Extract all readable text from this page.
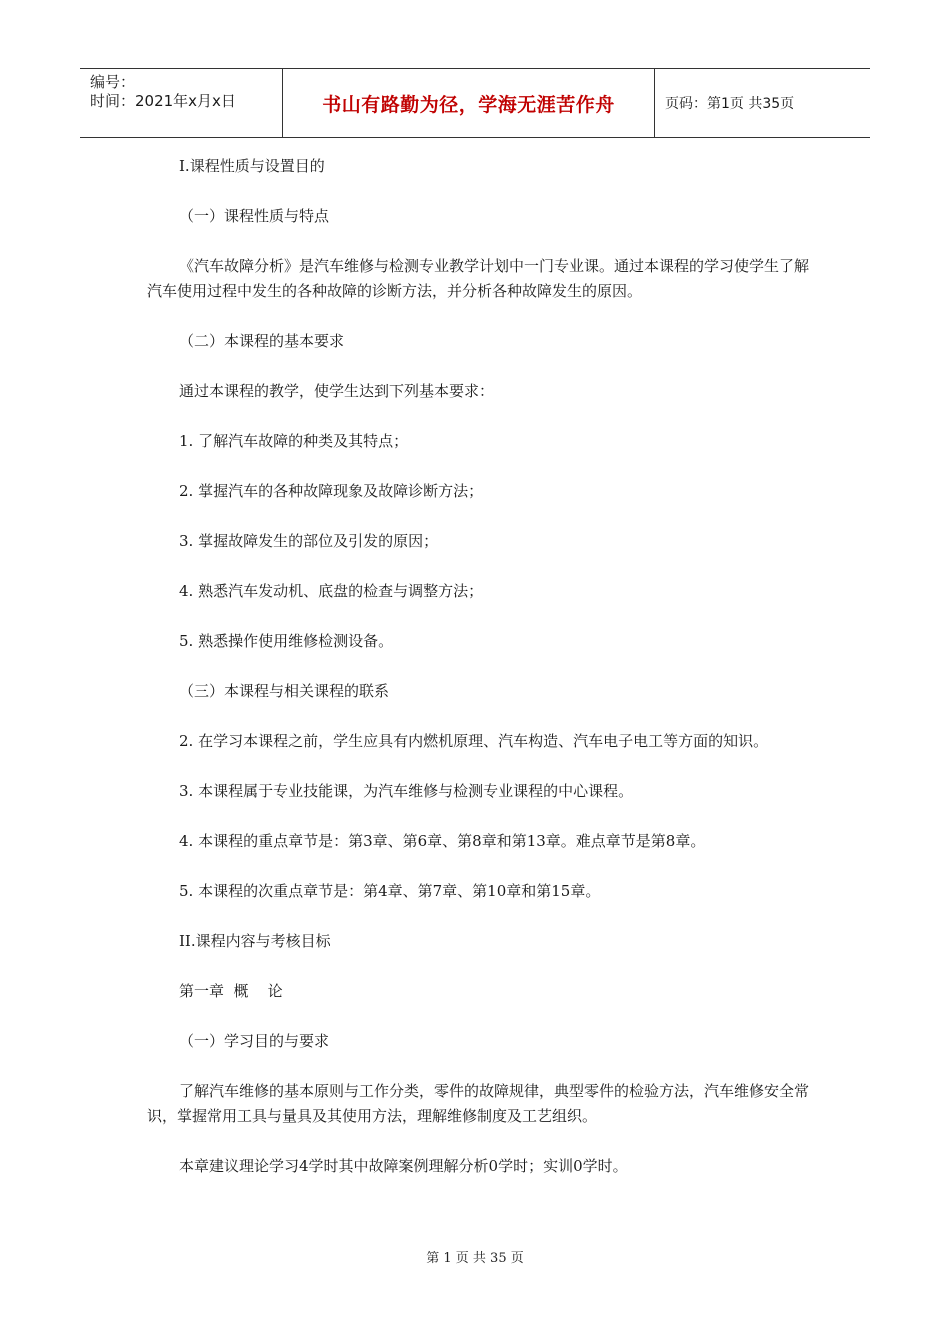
编号：
时间：2021年x月x日	书山有路勤为径，学海无涯苦作舟	页码：第1页 共35页

I.课程性质与设置目的

（一）课程性质与特点

《汽车故障分析》是汽车维修与检测专业教学计划中一门专业课。通过本课程的学习使学生了解汽车使用过程中发生的各种故障的诊断方法，并分析各种故障发生的原因。

（二）本课程的基本要求

通过本课程的教学，使学生达到下列基本要求：

1. 了解汽车故障的种类及其特点；

2. 掌握汽车的各种故障现象及故障诊断方法；

3. 掌握故障发生的部位及引发的原因；

4. 熟悉汽车发动机、底盘的检查与调整方法；

5. 熟悉操作使用维修检测设备。

（三）本课程与相关课程的联系

2. 在学习本课程之前，学生应具有内燃机原理、汽车构造、汽车电子电工等方面的知识。

3. 本课程属于专业技能课，为汽车维修与检测专业课程的中心课程。

4. 本课程的重点章节是：第3章、第6章、第8章和第13章。难点章节是第8章。

5. 本课程的次重点章节是：第4章、第7章、第10章和第15章。

II.课程内容与考核目标

第一章  概    论

（一）学习目的与要求

了解汽车维修的基本原则与工作分类，零件的故障规律，典型零件的检验方法，汽车维修安全常识，掌握常用工具与量具及其使用方法，理解维修制度及工艺组织。

本章建议理论学习4学时其中故障案例理解分析0学时；实训0学时。

第 1 页 共 35 页
